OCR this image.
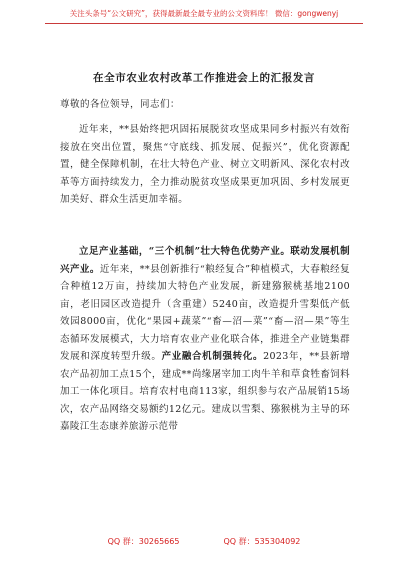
关注头条号“公文研究”，获得最新最全最专业的公文资料库！ 微信：gongwenyj
在全市农业农村改革工作推进会上的汇报发言
尊敬的各位领导，同志们：
近年来，**县始终把巩固拓展脱贫攻坚成果同乡村振兴有效衔接放在突出位置，聚焦“守底线、抓发展、促振兴”，优化资源配置，健全保障机制，在壮大特色产业、树立文明新风、深化农村改革等方面持续发力，全力推动脱贫攻坚成果更加巩固、乡村发展更加美好、群众生活更加幸福。
立足产业基础，“三个机制”壮大特色优势产业。联动发展机制兴产业。近年来，**县创新推行“粮经复合”种植模式，大春粮经复合种植12万亩，持续加大特色产业发展，新建猕猴桃基地2100亩，老旧园区改造提升（含重建）5240亩，改造提升雪梨低产低效园8000亩，优化“果园+蔬菜”“畜—沼—菜”“畜—沼—果”等生态循环发展模式，大力培育农业产业化联合体，推进全产业链集群发展和深度转型升级。产业融合机制强转化。2023年，**县新增农产品初加工点15个，建成**尚缘屠宰加工肉牛羊和草食牲畜饲料加工一体化项目。培育农村电商113家，组织参与农产品展销15场次，农产品网络交易额约12亿元。建成以雪梨、猕猴桃为主导的环嘉陵江生态康养旅游示范带
QQ 群：30265665	QQ 群：535304092
